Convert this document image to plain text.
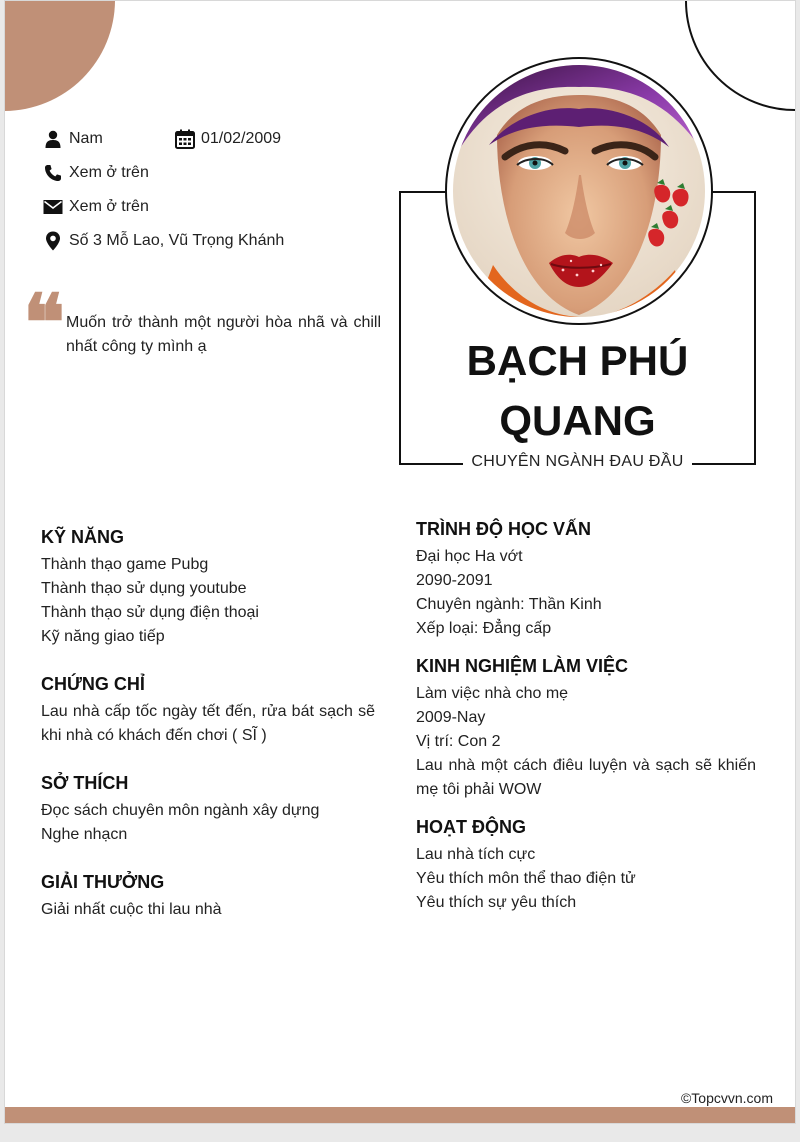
Nam	01/02/2009
Xem ở trên
Xem ở trên
Số 3 Mỗ Lao, Vũ Trọng Khánh
❝ Muốn trở thành một người hòa nhã và chill nhất công ty mình ạ	BẠCH PHÚ
QUANG
CHUYÊN NGÀNH ĐAU ĐẦU
KỸ NĂNG

Thành thạo game Pubg

Thành thạo sử dụng youtube

Thành thạo sử dụng điện thoại

Kỹ năng giao tiếp

CHỨNG CHỈ

Lau nhà cấp tốc ngày tết đến, rửa bát sạch sẽ khi nhà có khách đến chơi ( SĨ )

SỞ THÍCH

Đọc sách chuyên môn ngành xây dựng

Nghe nhạcn

GIẢI THƯỞNG

Giải nhất cuộc thi lau nhà

TRÌNH ĐỘ HỌC VẤN

Đại học Ha vớt

2090-2091

Chuyên ngành: Thần Kinh

Xếp loại: Đẳng cấp

KINH NGHIỆM LÀM VIỆC

Làm việc nhà cho mẹ

2009-Nay

Vị trí: Con 2

Lau nhà một cách điêu luyện và sạch sẽ khiến mẹ tôi phải WOW

HOẠT ĐỘNG

Lau nhà tích cực

Yêu thích môn thể thao điện tử

Yêu thích sự yêu thích

©Topcvvn.com
